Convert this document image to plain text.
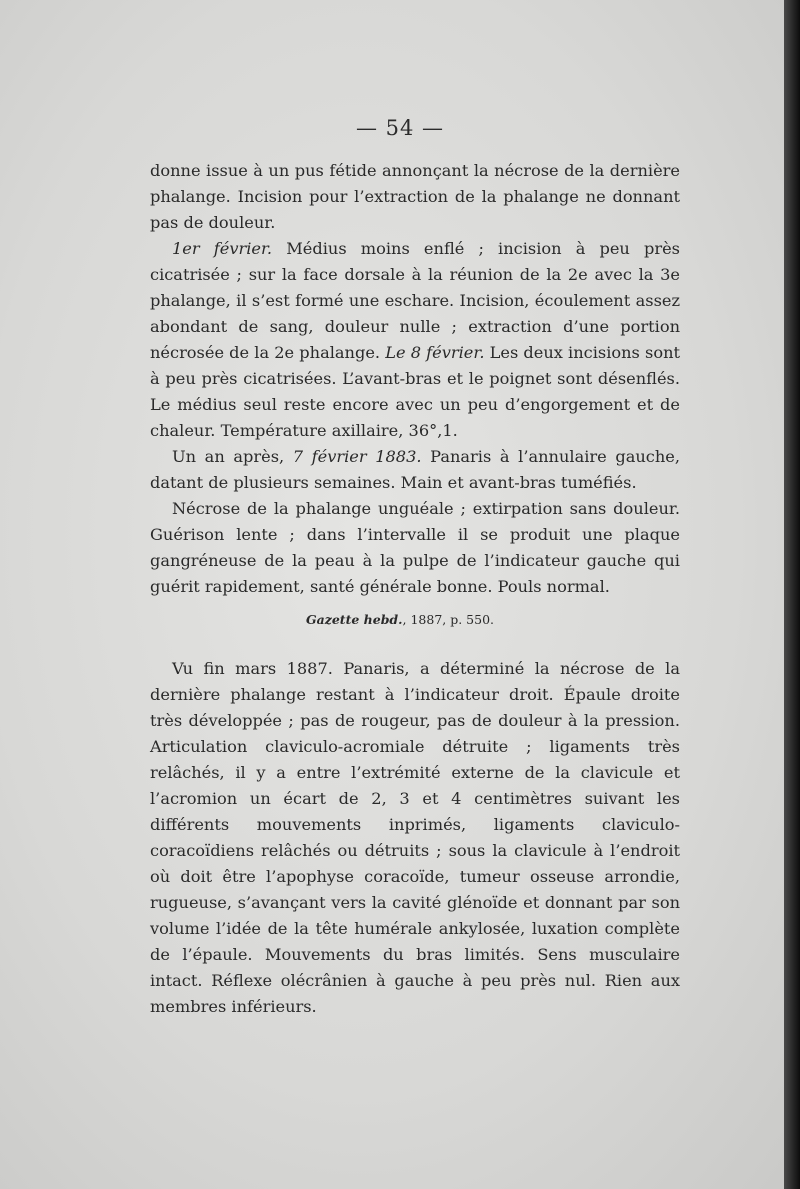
— 54 —

donne issue à un pus fétide annonçant la nécrose de la dernière phalange. Incision pour l’extraction de la phalange ne donnant pas de douleur.

1er février. Médius moins enflé ; incision à peu près cicatrisée ; sur la face dorsale à la réunion de la 2e avec la 3e phalange, il s’est formé une eschare. Incision, écoulement assez abondant de sang, douleur nulle ; extraction d’une portion nécrosée de la 2e phalange. Le 8 février. Les deux incisions sont à peu près cicatrisées. L’avant-bras et le poignet sont désenflés. Le médius seul reste encore avec un peu d’engorgement et de chaleur. Température axillaire, 36°,1.

Un an après, 7 février 1883. Panaris à l’annulaire gauche, datant de plusieurs semaines. Main et avant-bras tuméfiés.

Nécrose de la phalange unguéale ; extirpation sans douleur. Guérison lente ; dans l’intervalle il se produit une plaque gangréneuse de la peau à la pulpe de l’indicateur gauche qui guérit rapidement, santé générale bonne. Pouls normal.

Gazette hebd., 1887, p. 550.

Vu fin mars 1887. Panaris, a déterminé la nécrose de la dernière phalange restant à l’indicateur droit. Épaule droite très développée ; pas de rougeur, pas de douleur à la pression. Articulation claviculo-acromiale détruite ; ligaments très relâchés, il y a entre l’extrémité externe de la clavicule et l’acromion un écart de 2, 3 et 4 centimètres suivant les différents mouvements inprimés, ligaments claviculo-coracoïdiens relâchés ou détruits ; sous la clavicule à l’endroit où doit être l’apophyse coracoïde, tumeur osseuse arrondie, rugueuse, s’avançant vers la cavité glénoïde et donnant par son volume l’idée de la tête humérale ankylosée, luxation complète de l’épaule. Mouvements du bras limités. Sens musculaire intact. Réflexe olécrânien à gauche à peu près nul. Rien aux membres inférieurs.
